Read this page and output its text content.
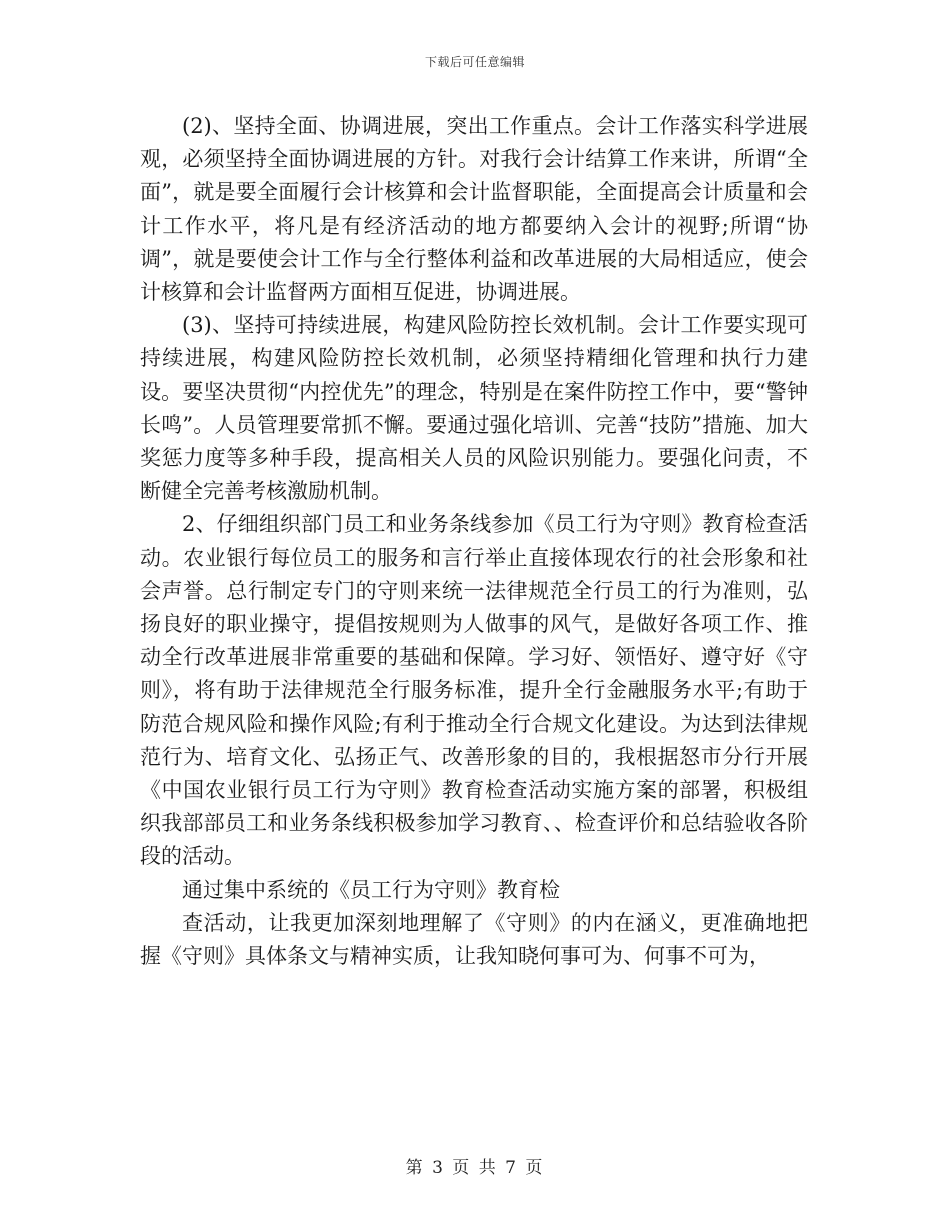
下载后可任意编辑

(2)、坚持全面、协调进展，突出工作重点。会计工作落实科学进展观，必须坚持全面协调进展的方针。对我行会计结算工作来讲，所谓“全面”，就是要全面履行会计核算和会计监督职能，全面提高会计质量和会计工作水平，将凡是有经济活动的地方都要纳入会计的视野;所谓“协调”，就是要使会计工作与全行整体利益和改革进展的大局相适应，使会计核算和会计监督两方面相互促进，协调进展。

(3)、坚持可持续进展，构建风险防控长效机制。会计工作要实现可持续进展，构建风险防控长效机制，必须坚持精细化管理和执行力建设。要坚决贯彻“内控优先”的理念，特别是在案件防控工作中，要“警钟长鸣”。人员管理要常抓不懈。要通过强化培训、完善“技防”措施、加大奖惩力度等多种手段，提高相关人员的风险识别能力。要强化问责，不断健全完善考核激励机制。

2、仔细组织部门员工和业务条线参加《员工行为守则》教育检查活动。农业银行每位员工的服务和言行举止直接体现农行的社会形象和社会声誉。总行制定专门的守则来统一法律规范全行员工的行为准则，弘扬良好的职业操守，提倡按规则为人做事的风气，是做好各项工作、推动全行改革进展非常重要的基础和保障。学习好、领悟好、遵守好《守则》，将有助于法律规范全行服务标准，提升全行金融服务水平;有助于防范合规风险和操作风险;有利于推动全行合规文化建设。为达到法律规范行为、培育文化、弘扬正气、改善形象的目的，我根据怒市分行开展《中国农业银行员工行为守则》教育检查活动实施方案的部署，积极组织我部部员工和业务条线积极参加学习教育、、检查评价和总结验收各阶段的活动。

通过集中系统的《员工行为守则》教育检

查活动，让我更加深刻地理解了《守则》的内在涵义，更准确地把握《守则》具体条文与精神实质，让我知晓何事可为、何事不可为，

第 3 页 共 7 页
